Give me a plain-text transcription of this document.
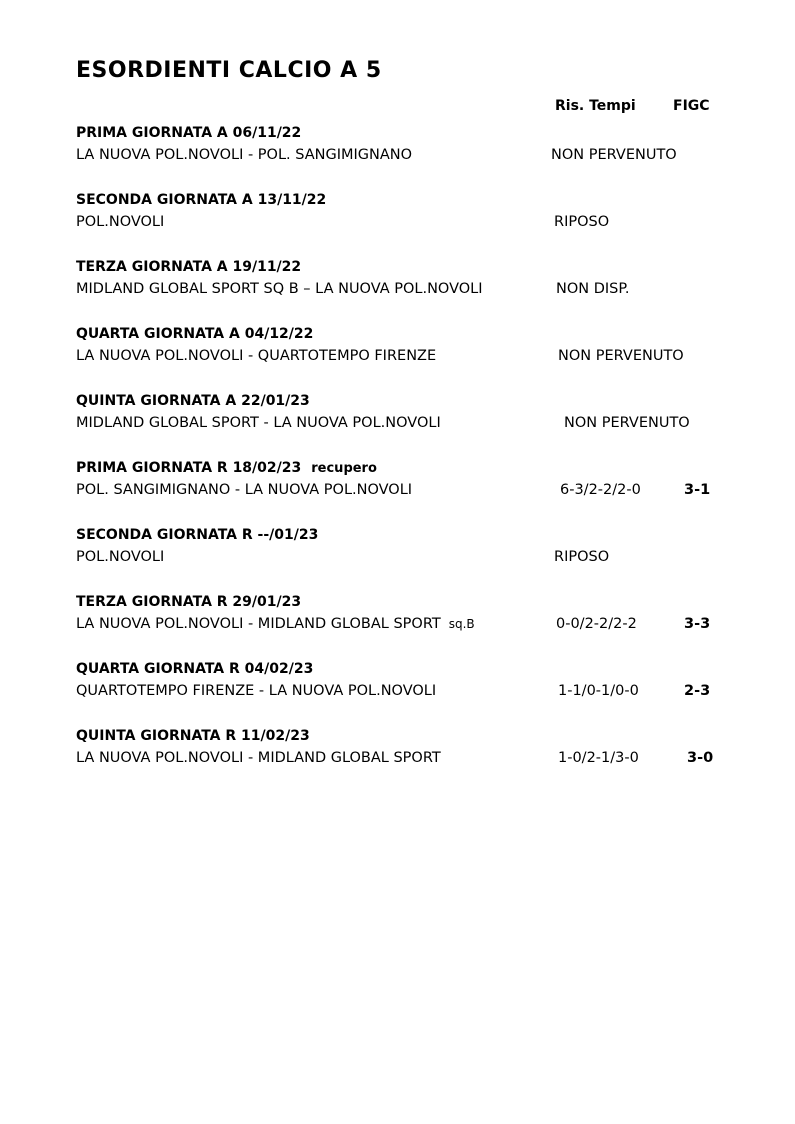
ESORDIENTI CALCIO A 5
Ris. Tempi	FIGC
PRIMA GIORNATA A 06/11/22
LA NUOVA POL.NOVOLI - POL. SANGIMIGNANO	NON PERVENUTO
SECONDA GIORNATA A 13/11/22
POL.NOVOLI	RIPOSO
TERZA GIORNATA A 19/11/22
MIDLAND GLOBAL SPORT SQ B – LA NUOVA POL.NOVOLI	NON DISP.
QUARTA GIORNATA A 04/12/22
LA NUOVA POL.NOVOLI - QUARTOTEMPO FIRENZE	NON PERVENUTO
QUINTA GIORNATA A 22/01/23
MIDLAND GLOBAL SPORT - LA NUOVA POL.NOVOLI	NON PERVENUTO
PRIMA GIORNATA R 18/02/23 recupero
POL. SANGIMIGNANO - LA NUOVA POL.NOVOLI	6-3/2-2/2-0	3-1
SECONDA GIORNATA R --/01/23
POL.NOVOLI	RIPOSO
TERZA GIORNATA R 29/01/23
LA NUOVA POL.NOVOLI - MIDLAND GLOBAL SPORT sq.B	0-0/2-2/2-2	3-3
QUARTA GIORNATA R 04/02/23
QUARTOTEMPO FIRENZE - LA NUOVA POL.NOVOLI	1-1/0-1/0-0	2-3
QUINTA GIORNATA R 11/02/23
LA NUOVA POL.NOVOLI - MIDLAND GLOBAL SPORT	1-0/2-1/3-0	3-0
